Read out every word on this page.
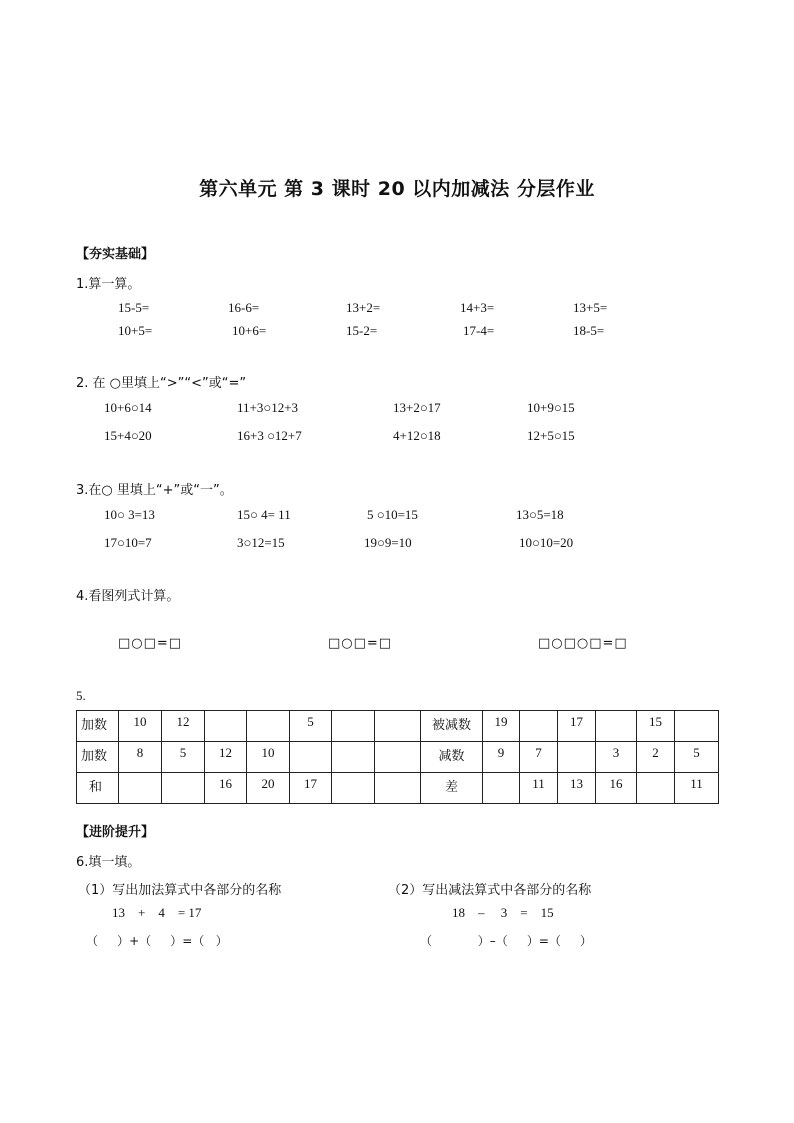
第六单元 第 3 课时 20 以内加减法 分层作业
【夯实基础】
1.算一算。
15-5=	16-6=	13+2=	14+3=	13+5=
10+5=	10+6=	15-2=	17-4=	18-5=
2. 在 ○里填上“>”“<”或“=”
10+6○14	11+3○12+3	13+2○17	10+9○15
15+4○20	16+3 ○12+7	4+12○18	12+5○15
3.在○ 里填上“+”或“一”。
10○ 3=13	15○ 4= 11	5 ○10=15	13○5=18
17○10=7	3○12=15	19○9=10	10○10=20
4.看图列式计算。
□○□=□	□○□=□	□○□○□=□
5.
加数	10	12			5			被减数	19		17		15	
加数	8	5	12	10				减数	9	7		3	2	5
和			16	20	17			差		11	13	16		11
【进阶提升】
6.填一填。
（1）写出加法算式中各部分的名称
13    +    4    = 17
（     ）+（     ）=（   ）
（2）写出减法算式中各部分的名称
18    –     3    =    15
（            ）–（     ）=（     ）
